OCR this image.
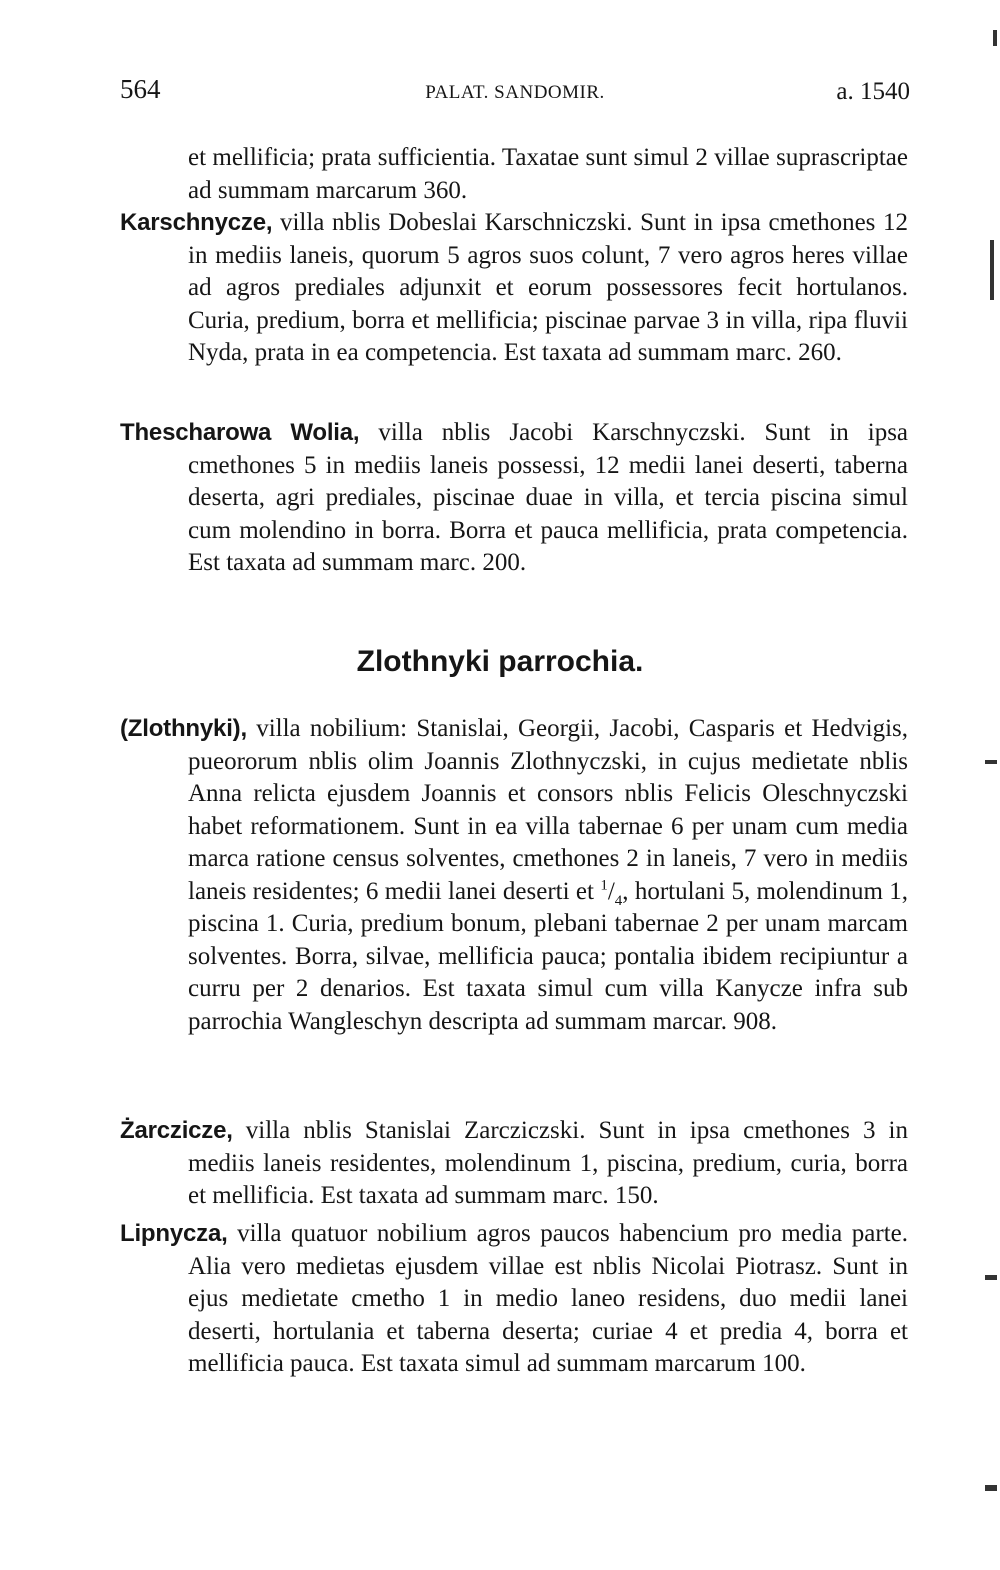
564	PALAT. SANDOMIR.	a. 1540

et mellificia; prata sufficientia. Taxatae sunt simul 2 villae suprascriptae ad summam marcarum 360.

Karschnycze, villa nblis Dobeslai Karschniczski. Sunt in ipsa cmethones 12 in mediis laneis, quorum 5 agros suos colunt, 7 vero agros heres villae ad agros prediales adjunxit et eorum possessores fecit hortulanos. Curia, predium, borra et mellificia; piscinae parvae 3 in villa, ripa fluvii Nyda, prata in ea competencia. Est taxata ad summam marc. 260.

Thescharowa Wolia, villa nblis Jacobi Karschnyczski. Sunt in ipsa cmethones 5 in mediis laneis possessi, 12 medii lanei deserti, taberna deserta, agri prediales, piscinae duae in villa, et tercia piscina simul cum molendino in borra. Borra et pauca mellificia, prata competencia. Est taxata ad summam marc. 200.

Zlothnyki parrochia.

(Zlothnyki), villa nobilium: Stanislai, Georgii, Jacobi, Casparis et Hedvigis, pueororum nblis olim Joannis Zlothnyczski, in cujus medietate nblis Anna relicta ejusdem Joannis et consors nblis Felicis Oleschnyczski habet reformationem. Sunt in ea villa tabernae 6 per unam cum media marca ratione census solventes, cmethones 2 in laneis, 7 vero in mediis laneis residentes; 6 medii lanei deserti et $^1/_4$, hortulani 5, molendinum 1, piscina 1. Curia, predium bonum, plebani tabernae 2 per unam marcam solventes. Borra, silvae, mellificia pauca; pontalia ibidem recipiuntur a curru per 2 denarios. Est taxata simul cum villa Kanycze infra sub parrochia Wangleschyn descripta ad summam marcar. 908.

Żarczicze, villa nblis Stanislai Zarcziczski. Sunt in ipsa cmethones 3 in mediis laneis residentes, molendinum 1, piscina, predium, curia, borra et mellificia. Est taxata ad summam marc. 150.

Lipnycza, villa quatuor nobilium agros paucos habencium pro media parte. Alia vero medietas ejusdem villae est nblis Nicolai Piotrasz. Sunt in ejus medietate cmetho 1 in medio laneo residens, duo medii lanei deserti, hortulania et taberna deserta; curiae 4 et predia 4, borra et mellificia pauca. Est taxata simul ad summam marcarum 100.
